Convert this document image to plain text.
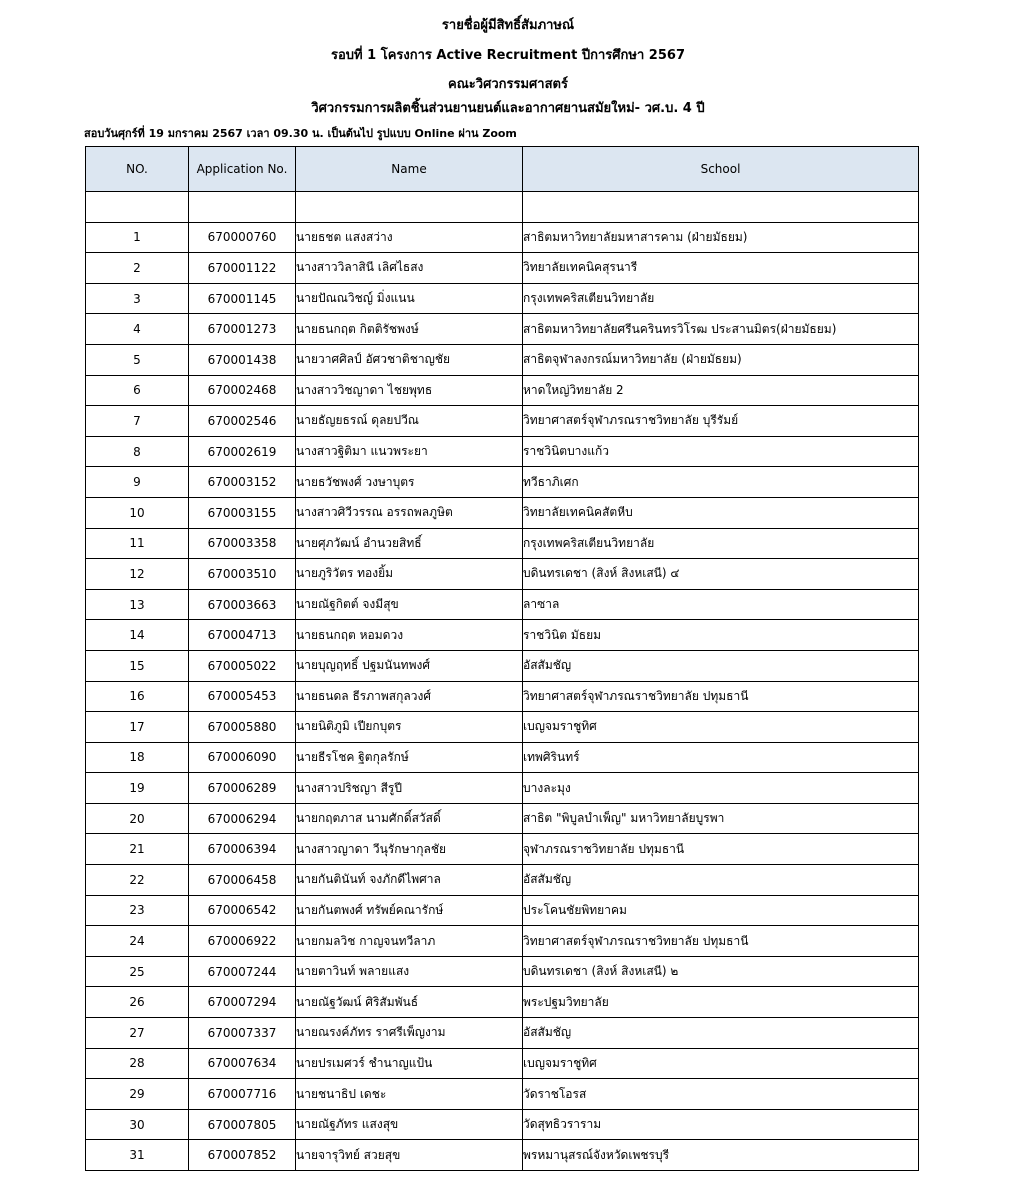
รายชื่อผู้มีสิทธิ์สัมภาษณ์
รอบที่ 1 โครงการ Active Recruitment ปีการศึกษา 2567
คณะวิศวกรรมศาสตร์
วิศวกรรมการผลิตชิ้นส่วนยานยนต์และอากาศยานสมัยใหม่- วศ.บ. 4 ปี
สอบวันศุกร์ที่ 19 มกราคม 2567 เวลา 09.30 น. เป็นต้นไป รูปแบบ Online ผ่าน Zoom
NO.	Application No.	Name	School

1	670000760	นายธชต แสงสว่าง	สาธิตมหาวิทยาลัยมหาสารคาม (ฝ่ายมัธยม)
2	670001122	นางสาววิลาสินี เลิศไธสง	วิทยาลัยเทคนิคสุรนารี
3	670001145	นายปัณณวิชญ์ มิ่งแนน	กรุงเทพคริสเตียนวิทยาลัย
4	670001273	นายธนกฤต กิตติรัชพงษ์	สาธิตมหาวิทยาลัยศรีนครินทรวิโรฒ ประสานมิตร(ฝ่ายมัธยม)
5	670001438	นายวาศศิลป์ อัศวชาติชาญชัย	สาธิตจุฬาลงกรณ์มหาวิทยาลัย (ฝ่ายมัธยม)
6	670002468	นางสาววิชญาดา ไชยพุทธ	หาดใหญ่วิทยาลัย 2
7	670002546	นายธัญยธรณ์ ดุลยปวีณ	วิทยาศาสตร์จุฬาภรณราชวิทยาลัย บุรีรัมย์
8	670002619	นางสาวฐิติมา แนวพระยา	ราชวินิตบางแก้ว
9	670003152	นายธวัชพงศ์ วงษาบุตร	ทวีธาภิเศก
10	670003155	นางสาวศิวีวรรณ อรรถพลภูษิต	วิทยาลัยเทคนิคสัตหีบ
11	670003358	นายศุภวัฒน์ อำนวยสิทธิ์	กรุงเทพคริสเตียนวิทยาลัย
12	670003510	นายภูริวัตร ทองยิ้ม	บดินทรเดชา (สิงห์ สิงหเสนี) ๔
13	670003663	นายณัฐกิตต์ จงมีสุข	ลาซาล
14	670004713	นายธนกฤต หอมดวง	ราชวินิต มัธยม
15	670005022	นายบุญฤทธิ์ ปฐมนันทพงศ์	อัสสัมชัญ
16	670005453	นายธนดล ธีรภาพสกุลวงศ์	วิทยาศาสตร์จุฬาภรณราชวิทยาลัย ปทุมธานี
17	670005880	นายนิติภูมิ เปียกบุตร	เบญจมราชูทิศ
18	670006090	นายธีรโชค ฐิตกุลรักษ์	เทพศิรินทร์
19	670006289	นางสาวปริชญา สีรูปี	บางละมุง
20	670006294	นายกฤตภาส นามศักดิ์สวัสดิ์	สาธิต "พิบูลบำเพ็ญ" มหาวิทยาลัยบูรพา
21	670006394	นางสาวญาดา วีนุรักษากุลชัย	จุฬาภรณราชวิทยาลัย ปทุมธานี
22	670006458	นายกันตินันท์ จงภักดีไพศาล	อัสสัมชัญ
23	670006542	นายกันตพงศ์ ทรัพย์คณารักษ์	ประโคนชัยพิทยาคม
24	670006922	นายกมลวิช กาญจนทวีลาภ	วิทยาศาสตร์จุฬาภรณราชวิทยาลัย ปทุมธานี
25	670007244	นายตาวินท์ พลายแสง	บดินทรเดชา (สิงห์ สิงหเสนี) ๒
26	670007294	นายณัฐวัฒน์ ศิริสัมพันธ์	พระปฐมวิทยาลัย
27	670007337	นายณรงค์ภัทร ราศรีเพ็ญงาม	อัสสัมชัญ
28	670007634	นายปรเมศวร์ ชำนาญแป้น	เบญจมราชูทิศ
29	670007716	นายชนาธิป เดชะ	วัดราชโอรส
30	670007805	นายณัฐภัทร แสงสุข	วัดสุทธิวราราม
31	670007852	นายจารุวิทย์ สวยสุข	พรหมานุสรณ์จังหวัดเพชรบุรี
